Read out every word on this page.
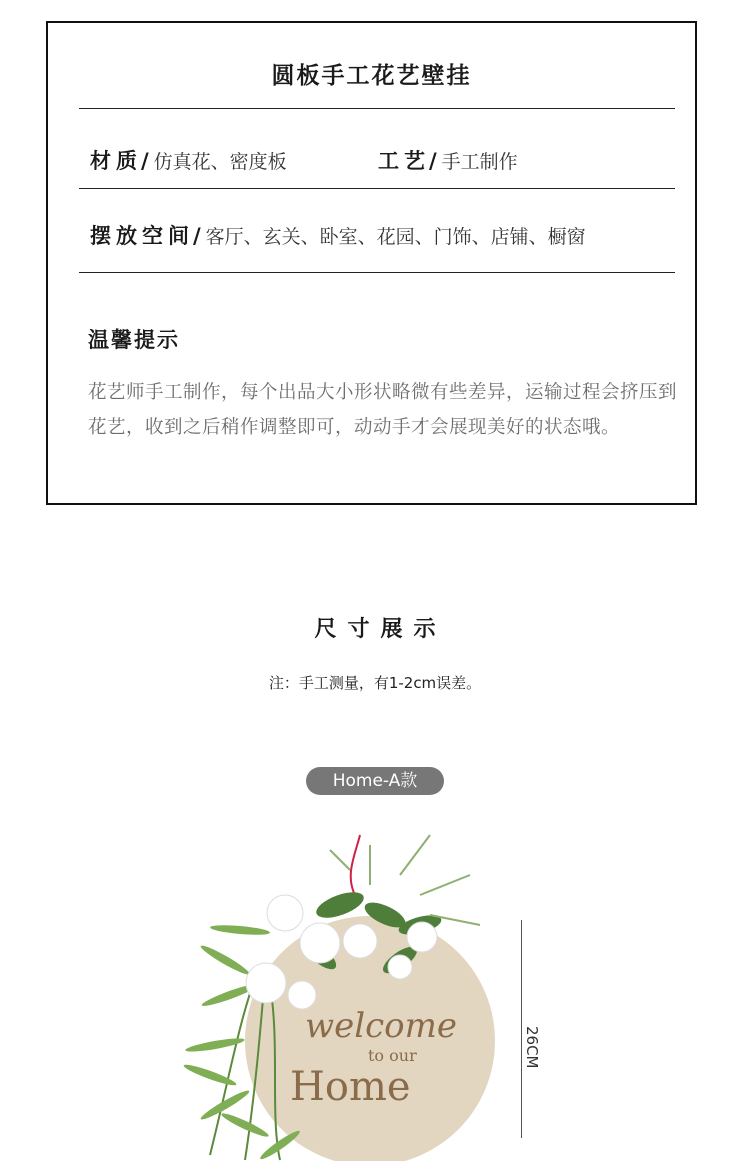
圆板手工花艺壁挂
材质/ 仿真花、密度板	工艺/ 手工制作
摆放空间/ 客厅、玄关、卧室、花园、门饰、店铺、橱窗
温馨提示
花艺师手工制作，每个出品大小形状略微有些差异，运输过程会挤压到花艺，收到之后稍作调整即可，动动手才会展现美好的状态哦。
尺寸展示
注：手工测量，有1-2cm误差。
Home-A款
welcome
to our
Home
26CM
